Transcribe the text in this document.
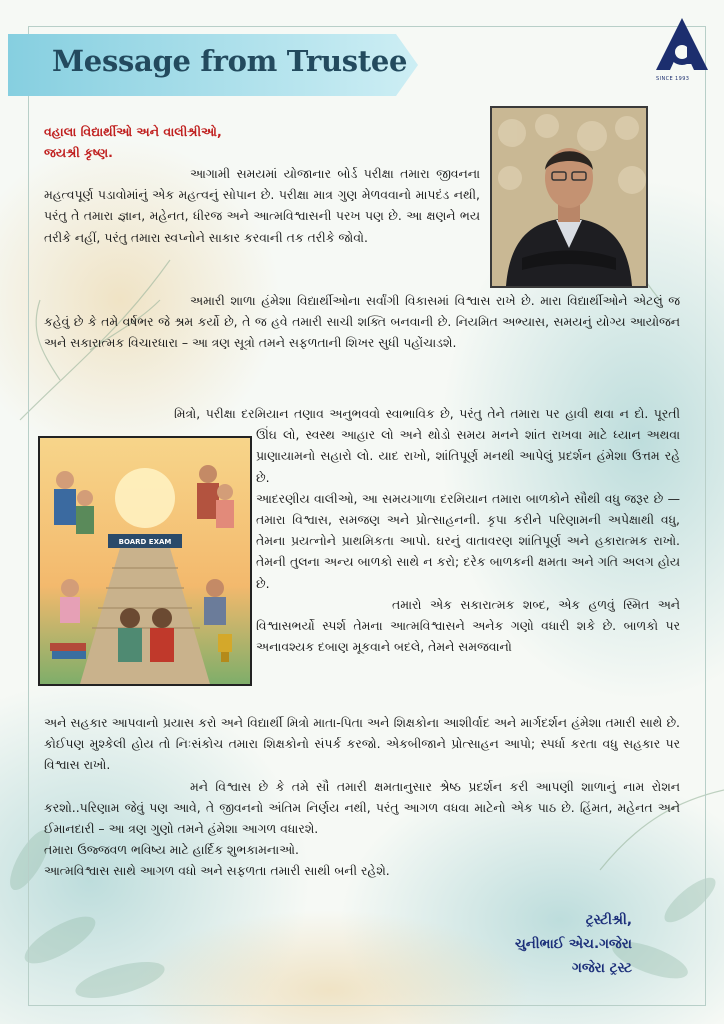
Message from Trustee
SINCE 1993
BOARD EXAM
વહાલા વિદ્યાર્થીઓ અને વાલીશ્રીઓ,
જયશ્રી કૃષ્ણ.

આગામી સમયમાં યોજાનાર બોર્ડ પરીક્ષા તમારા જીવનના મહત્વપૂર્ણ પડાવોમાંનું એક મહત્વનું સોપાન છે. પરીક્ષા માત્ર ગુણ મેળવવાનો માપદંડ નથી, પરંતુ તે તમારા જ્ઞાન, મહેનત, ધીરજ અને આત્મવિશ્વાસની પરખ પણ છે. આ ક્ષણને ભય તરીકે નહીં, પરંતુ તમારા સ્વપ્નોને સાકાર કરવાની તક તરીકે જોવો.

અમારી શાળા હંમેશા વિદ્યાર્થીઓના સર્વાંગી વિકાસમાં વિશ્વાસ રાખે છે. મારા વિદ્યાર્થીઓને એટલું જ કહેવું છે કે તમે વર્ષભર જે શ્રમ કર્યો છે, તે જ હવે તમારી સાચી શક્તિ બનવાની છે. નિયમિત અભ્યાસ, સમયનું યોગ્ય આયોજન અને સકારાત્મક વિચારધારા – આ ત્રણ સૂત્રો તમને સફળતાની શિખર સુધી પહોંચાડશે.

મિત્રો, પરીક્ષા દરમિયાન તણાવ અનુભવવો સ્વાભાવિક છે, પરંતુ તેને તમારા પર હાવી થવા ન દો. પૂરતી ઊંઘ લો, સ્વસ્થ આહાર લો અને થોડો સમય મનને શાંત રાખવા માટે ધ્યાન અથવા પ્રાણાયામનો સહારો લો. યાદ રાખો, શાંતિપૂર્ણ મનથી આપેલું પ્રદર્શન હંમેશા ઉત્તમ રહે છે.

આદરણીય વાલીઓ, આ સમયગાળા દરમિયાન તમારા બાળકોને સૌથી વધુ જરૂર છે — તમારા વિશ્વાસ, સમજણ અને પ્રોત્સાહનની. કૃપા કરીને પરિણામની અપેક્ષાથી વધુ, તેમના પ્રયત્નોને પ્રાથમિકતા આપો. ઘરનું વાતાવરણ શાંતિપૂર્ણ અને હકારાત્મક રાખો. તેમની તુલના અન્ય બાળકો સાથે ન કરો; દરેક બાળકની ક્ષમતા અને ગતિ અલગ હોય છે.

તમારો એક સકારાત્મક શબ્દ, એક હળવું સ્મિત અને વિશ્વાસભર્યો સ્પર્શ તેમના આત્મવિશ્વાસને અનેક ગણો વધારી શકે છે. બાળકો પર અનાવશ્યક દબાણ મૂકવાને બદલે, તેમને સમજવાનો

અને સહકાર આપવાનો પ્રયાસ કરો અને વિદ્યાર્થી મિત્રો માતા-પિતા અને શિક્ષકોના આશીર્વાદ અને માર્ગદર્શન હંમેશા તમારી સાથે છે. કોઈપણ મુશ્કેલી હોય તો નિઃસંકોચ તમારા શિક્ષકોનો સંપર્ક કરજો. એકબીજાને પ્રોત્સાહન આપો; સ્પર્ધા કરતા વધુ સહકાર પર વિશ્વાસ રાખો.

મને વિશ્વાસ છે કે તમે સૌ તમારી ક્ષમતાનુસાર શ્રેષ્ઠ પ્રદર્શન કરી આપણી શાળાનું નામ રોશન કરશો..પરિણામ જેવું પણ આવે, તે જીવનનો અંતિમ નિર્ણય નથી, પરંતુ આગળ વધવા માટેનો એક પાઠ છે. હિંમત, મહેનત અને ઈમાનદારી – આ ત્રણ ગુણો તમને હંમેશા આગળ વધારશે.

તમારા ઉજ્જવળ ભવિષ્ય માટે હાર્દિક શુભકામનાઓ.

આત્મવિશ્વાસ સાથે આગળ વધો અને સફળતા તમારી સાથી બની રહેશે.

ટ્રસ્ટીશ્રી,
ચુનીભાઈ એચ.ગજેરા
ગજેરા ટ્રસ્ટ
